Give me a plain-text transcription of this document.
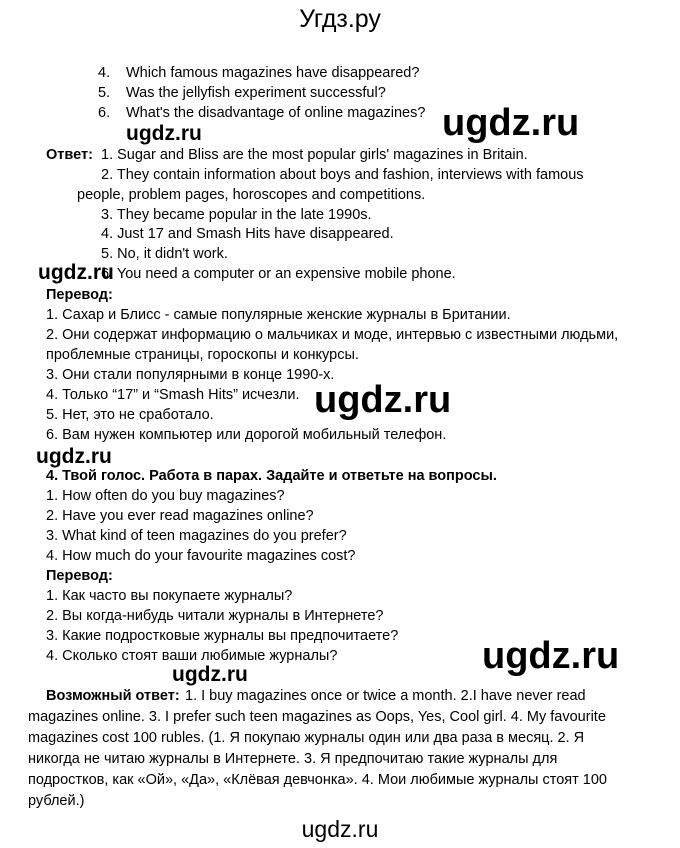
Угдз.ру
4. Which famous magazines have disappeared?
5. Was the jellyfish experiment successful?
6. What's the disadvantage of online magazines?
Ответ: 1. Sugar and Bliss are the most popular girls' magazines in Britain.
2. They contain information about boys and fashion, interviews with famous
people, problem pages, horoscopes and competitions.
3. They became popular in the late 1990s.
4. Just 17 and Smash Hits have disappeared.
5. No, it didn't work.
6. You need a computer or an expensive mobile phone.
Перевод:
1. Сахар и Блисс - самые популярные женские журналы в Британии.
2. Они содержат информацию о мальчиках и моде, интервью с известными людьми,
проблемные страницы, гороскопы и конкурсы.
3. Они стали популярными в конце 1990-х.
4. Только “17” и “Smash Hits” исчезли.
5. Нет, это не сработало.
6. Вам нужен компьютер или дорогой мобильный телефон.
4. Твой голос. Работа в парах. Задайте и ответьте на вопросы.
1. How often do you buy magazines?
2. Have you ever read magazines online?
3. What kind of teen magazines do you prefer?
4. How much do your favourite magazines cost?
Перевод:
1. Как часто вы покупаете журналы?
2. Вы когда-нибудь читали журналы в Интернете?
3. Какие подростковые журналы вы предпочитаете?
4. Сколько стоят ваши любимые журналы?
Возможный ответ: 1. I buy magazines once or twice a month. 2.I have never read
magazines online. 3. I prefer such teen magazines as Oops, Yes, Cool girl. 4. My favourite
magazines cost 100 rubles. (1. Я покупаю журналы один или два раза в месяц. 2. Я
никогда не читаю журналы в Интернете. 3. Я предпочитаю такие журналы для
подростков, как «Ой», «Да», «Клёвая девчонка». 4. Мои любимые журналы стоят 100
рублей.)
ugdz.ru
ugdz.ru
ugdz.ru
ugdz.ru
ugdz.ru
ugdz.ru
ugdz.ru
ugdz.ru
